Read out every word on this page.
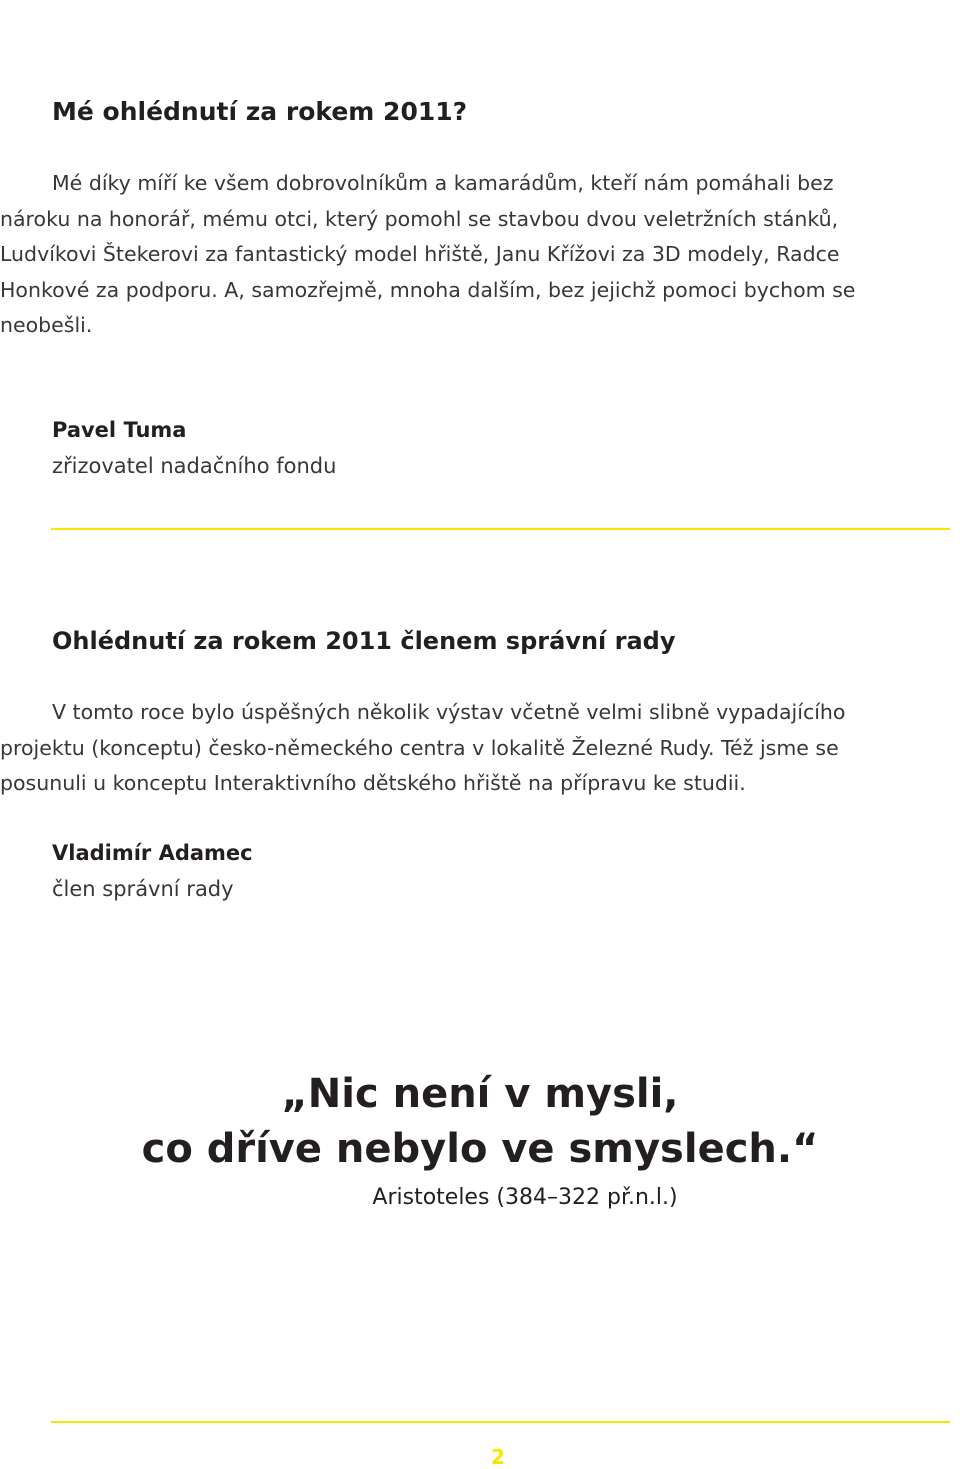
Mé ohlédnutí za rokem 2011?

Mé díky míří ke všem dobrovolníkům a kamarádům, kteří nám pomáhali bez

nároku na honorář, mému otci, který pomohl se stavbou dvou veletržních stánků,

Ludvíkovi Štekerovi za fantastický model hřiště, Janu Křížovi za 3D modely, Radce

Honkové za podporu. A, samozřejmě, mnoha dalším, bez jejichž pomoci bychom se

neobešli.

Pavel Tuma
zřizovatel nadačního fondu
Ohlédnutí za rokem 2011 členem správní rady

V tomto roce bylo úspěšných několik výstav včetně velmi slibně vypadajícího

projektu (konceptu) česko-německého centra v lokalitě Železné Rudy. Též jsme se

posunuli u konceptu Interaktivního dětského hřiště na přípravu ke studii.

Vladimír Adamec
člen správní rady
„Nic není v mysli,
co dříve nebylo ve smyslech.“
Aristoteles (384–322 př.n.l.)
2
